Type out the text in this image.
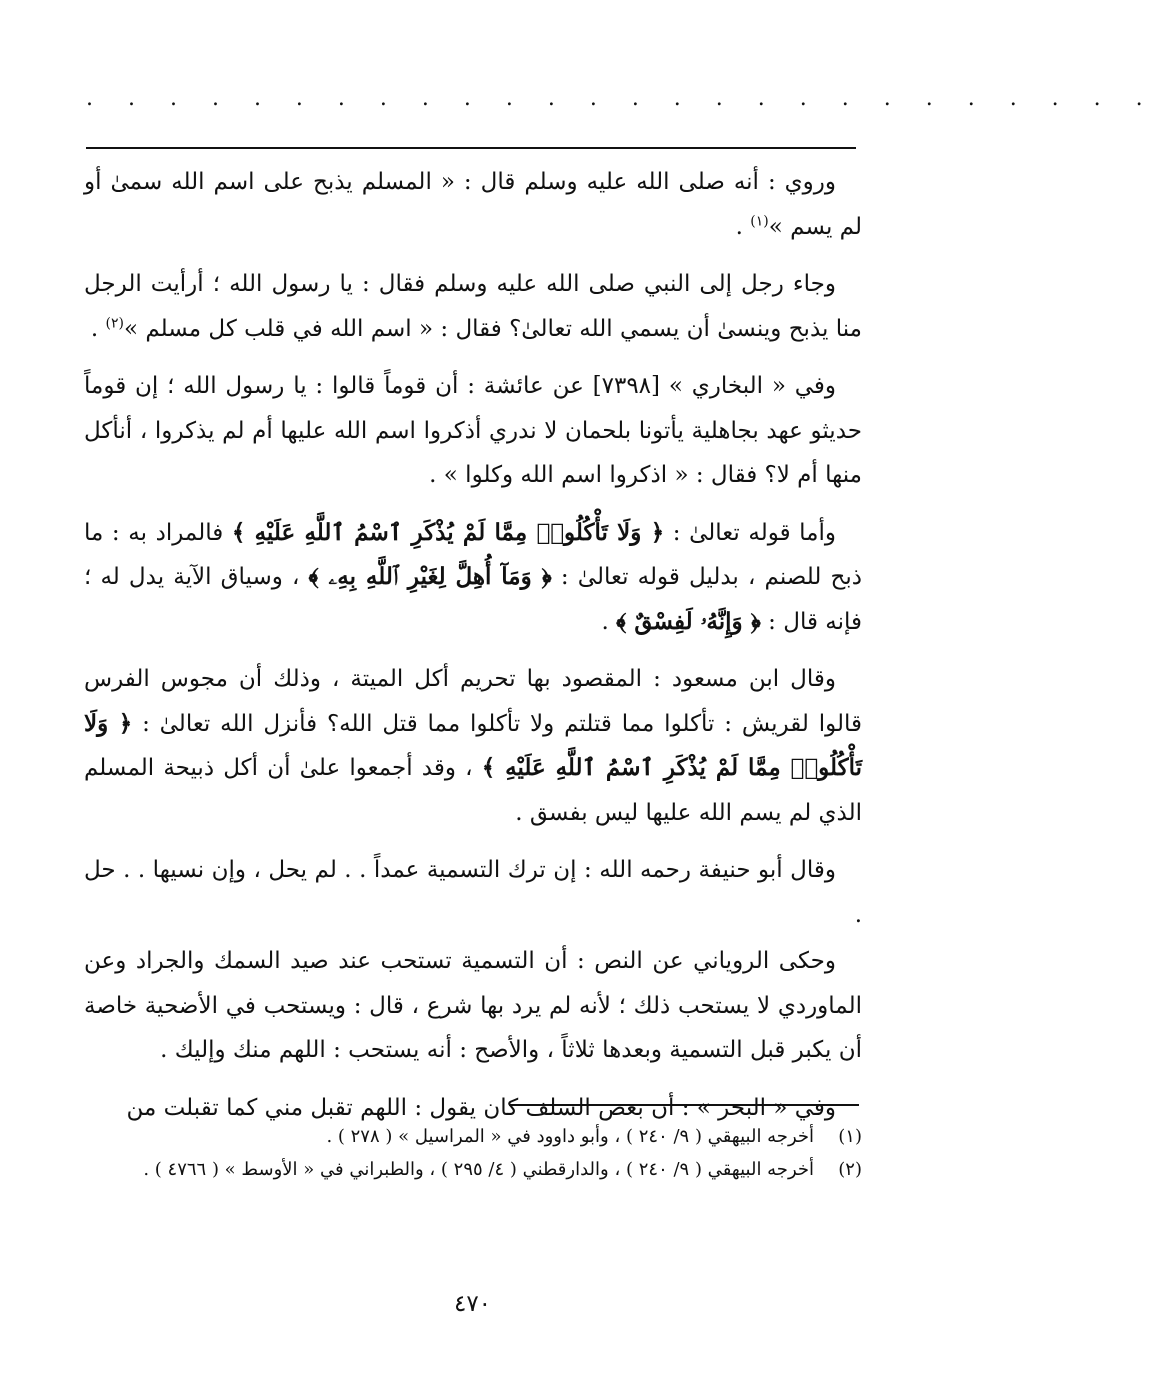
. . . . . . . . . . . . . . . . . . . . . . . . . .

وروي : أنه صلى الله عليه وسلم قال : « المسلم يذبح على اسم الله سمىٰ أو لم يسم »$^{(١)}$ .

وجاء رجل إلى النبي صلى الله عليه وسلم فقال : يا رسول الله ؛ أرأيت الرجل منا يذبح وينسىٰ أن يسمي الله تعالىٰ؟ فقال : « اسم الله في قلب كل مسلم »$^{(٢)}$ .

وفي « البخاري » [٧٣٩٨] عن عائشة : أن قوماً قالوا : يا رسول الله ؛ إن قوماً حديثو عهد بجاهلية يأتونا بلحمان لا ندري أذكروا اسم الله عليها أم لم يذكروا ، أنأكل منها أم لا؟ فقال : « اذكروا اسم الله وكلوا » .

وأما قوله تعالىٰ : ﴿ وَلَا تَأْكُلُوا۟ مِمَّا لَمْ يُذْكَرِ ٱسْمُ ٱللَّهِ عَلَيْهِ ﴾ فالمراد به : ما ذبح للصنم ، بدليل قوله تعالىٰ : ﴿ وَمَآ أُهِلَّ لِغَيْرِ ٱللَّهِ بِهِۦ ﴾ ، وسياق الآية يدل له ؛ فإنه قال : ﴿ وَإِنَّهُۥ لَفِسْقٌ ﴾ .

وقال ابن مسعود : المقصود بها تحريم أكل الميتة ، وذلك أن مجوس الفرس قالوا لقريش : تأكلوا مما قتلتم ولا تأكلوا مما قتل الله؟ فأنزل الله تعالىٰ : ﴿ وَلَا تَأْكُلُوا۟ مِمَّا لَمْ يُذْكَرِ ٱسْمُ ٱللَّهِ عَلَيْهِ ﴾ ، وقد أجمعوا علىٰ أن أكل ذبيحة المسلم الذي لم يسم الله عليها ليس بفسق .

وقال أبو حنيفة رحمه الله : إن ترك التسمية عمداً . . لم يحل ، وإن نسيها . . حل .

وحكى الروياني عن النص : أن التسمية تستحب عند صيد السمك والجراد وعن الماوردي لا يستحب ذلك ؛ لأنه لم يرد بها شرع ، قال : ويستحب في الأضحية خاصة أن يكبر قبل التسمية وبعدها ثلاثاً ، والأصح : أنه يستحب : اللهم منك وإليك .

وفي « البحر » : أن بعض السلف كان يقول : اللهم تقبل مني كما تقبلت من

(١)
أخرجه البيهقي ( ٩/ ٢٤٠ ) ، وأبو داوود في « المراسيل » ( ٢٧٨ ) .
(٢)
أخرجه البيهقي ( ٩/ ٢٤٠ ) ، والدارقطني ( ٤/ ٢٩٥ ) ، والطبراني في « الأوسط » ( ٤٧٦٦ ) .
٤٧٠
